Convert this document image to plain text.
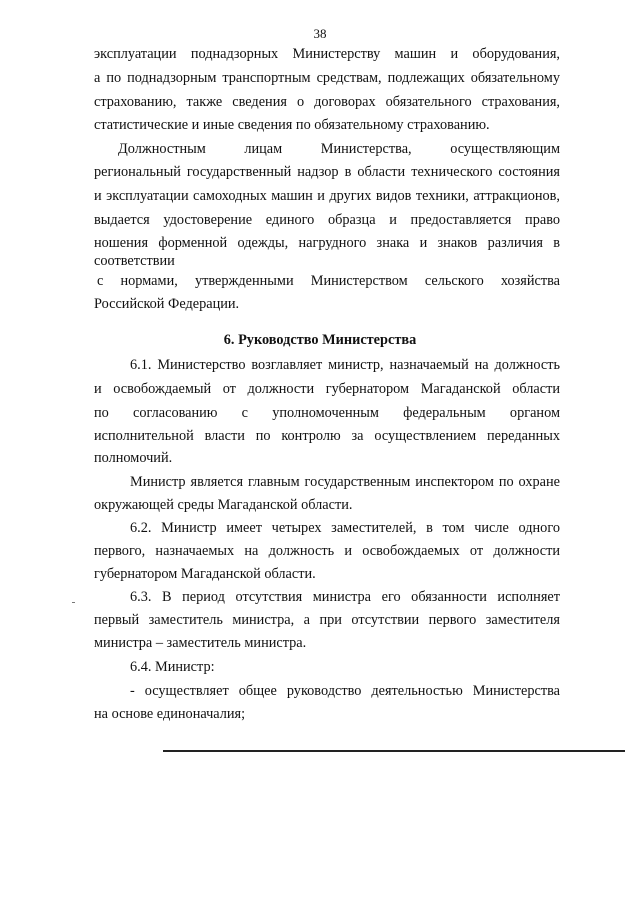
38
эксплуатации поднадзорных Министерству машин и оборудования,
а по поднадзорным транспортным средствам, подлежащих обязательному
страхованию, также сведения о договорах обязательного страхования,
статистические и иные сведения по обязательному страхованию.
Должностным лицам Министерства, осуществляющим
региональный государственный надзор в области технического состояния
и эксплуатации самоходных машин и других видов техники, аттракционов,
выдается удостоверение единого образца и предоставляется право
ношения форменной одежды, нагрудного знака и знаков различия в
соответствии
с нормами, утвержденными Министерством сельского хозяйства
Российской Федерации.
6. Руководство Министерства
6.1. Министерство возглавляет министр, назначаемый на должность
и освобождаемый от должности губернатором Магаданской области
по согласованию с уполномоченным федеральным органом
исполнительной власти по контролю за осуществлением переданных
полномочий.
Министр является главным государственным инспектором по охране
окружающей среды Магаданской области.
6.2. Министр имеет четырех заместителей, в том числе одного
первого, назначаемых на должность и освобождаемых от должности
губернатором Магаданской области.
6.3. В период отсутствия министра его обязанности исполняет
первый заместитель министра, а при отсутствии первого заместителя
министра – заместитель министра.
6.4. Министр:
- осуществляет общее руководство деятельностью Министерства
на основе единоначалия;
